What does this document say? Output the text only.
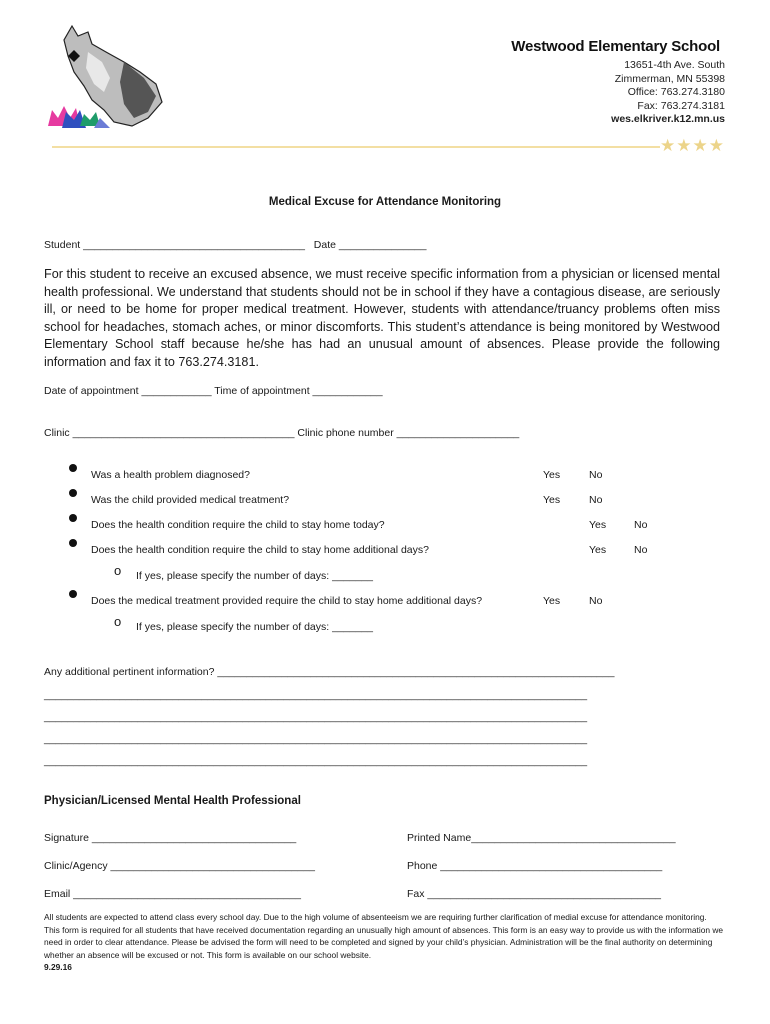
Westwood Elementary School
13651-4th Ave. South
Zimmerman, MN 55398
Office: 763.274.3180
Fax: 763.274.3181
wes.elkriver.k12.mn.us
★★★★
Medical Excuse for Attendance Monitoring
Student ______________________________________   Date _______________
For this student to receive an excused absence, we must receive specific information from a physician or licensed mental health professional. We understand that students should not be in school if they have a contagious disease, are seriously ill, or need to be home for proper medical treatment. However, students with attendance/truancy problems often miss school for headaches, stomach aches, or minor discomforts. This student’s attendance is being monitored by Westwood Elementary School staff because he/she has had an unusual amount of absences. Please provide the following information and fax it to 763.274.3181.
Date of appointment ____________ Time of appointment ____________
Clinic ______________________________________ Clinic phone number _____________________
Was a health problem diagnosed?	Yes	No
Was the child provided medical treatment?	Yes	No
Does the health condition require the child to stay home today?	Yes	No
Does the health condition require the child to stay home additional days?	Yes	No
o If yes, please specify the number of days: _______
Does the medical treatment provided require the child to stay home additional days?	Yes	No
o If yes, please specify the number of days: _______
Any additional pertinent information? ____________________________________________________________________
_____________________________________________________________________________________________
_____________________________________________________________________________________________
_____________________________________________________________________________________________
_____________________________________________________________________________________________
Physician/Licensed Mental Health Professional
Signature ___________________________________	Printed Name___________________________________
Clinic/Agency ___________________________________	Phone ______________________________________
Email _______________________________________	Fax ________________________________________
All students are expected to attend class every school day. Due to the high volume of absenteeism we are requiring further clarification of medial excuse for attendance monitoring. This form is required for all students that have received documentation regarding an unusually high amount of absences. This form is an easy way to provide us with the information we need in order to clear attendance. Please be advised the form will need to be completed and signed by your child’s physician. Administration will be the final authority on determining whether an absence will be excused or not. This form is available on our school website.
9.29.16
